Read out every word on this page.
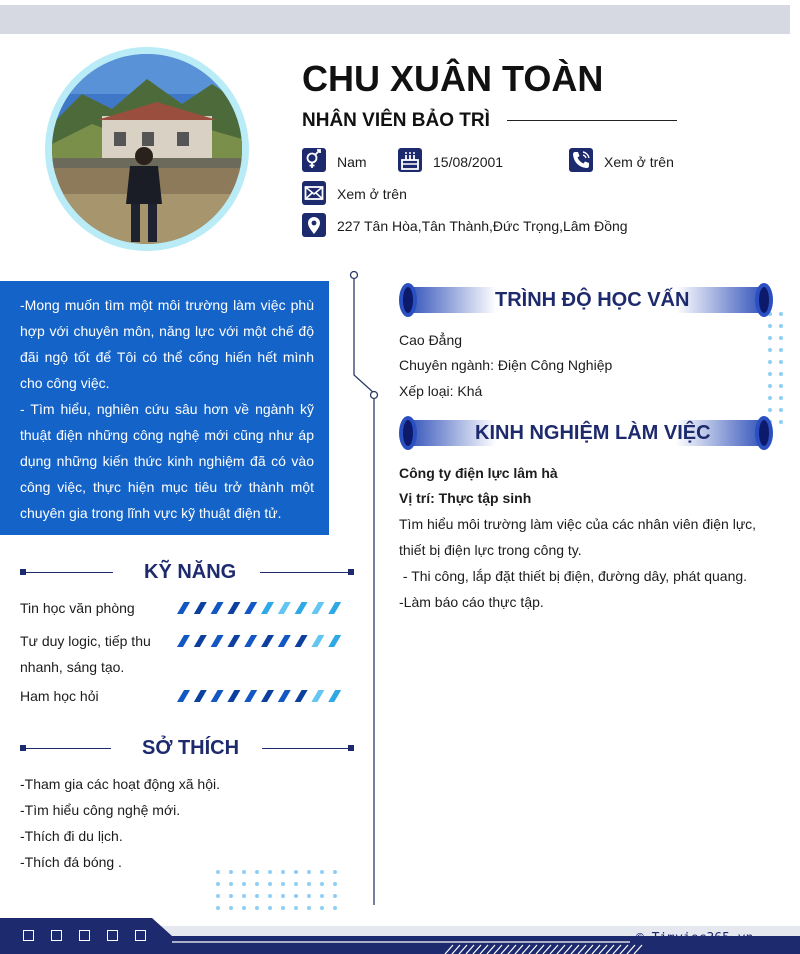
CHU XUÂN TOÀN
NHÂN VIÊN BẢO TRÌ
Nam	15/08/2001	Xem ở trên
Xem ở trên
227 Tân Hòa,Tân Thành,Đức Trọng,Lâm Đồng

-Mong muốn tìm một môi trường làm việc phù hợp với chuyên môn, năng lực với một chế độ đãi ngộ tốt để Tôi có thể cống hiến hết mình cho công việc.

- Tìm hiểu, nghiên cứu sâu hơn về ngành kỹ thuật điện những công nghệ mới cũng như áp dụng những kiến thức kinh nghiệm đã có vào công việc, thực hiện mục tiêu trở thành một chuyên gia trong lĩnh vực kỹ thuật điện tử.

KỸ NĂNG
Tin học văn phòng
Tư duy logic, tiếp thu nhanh, sáng tạo.
Ham học hỏi
SỞ THÍCH
-Tham gia các hoạt động xã hội.
-Tìm hiểu công nghệ mới.
-Thích đi du lịch.
-Thích đá bóng .
TRÌNH ĐỘ HỌC VẤN
Cao Đẳng
Chuyên ngành: Điện Công Nghiệp
Xếp loại: Khá
KINH NGHIỆM LÀM VIỆC
Công ty điện lực lâm hà
Vị trí: Thực tập sinh
Tìm hiểu môi trường làm việc của các nhân viên điện lực,
thiết bị điện lực trong công ty.
- Thi công, lắp đặt thiết bị điện, đường dây, phát quang.
-Làm báo cáo thực tập.
© Timviec365.vn
